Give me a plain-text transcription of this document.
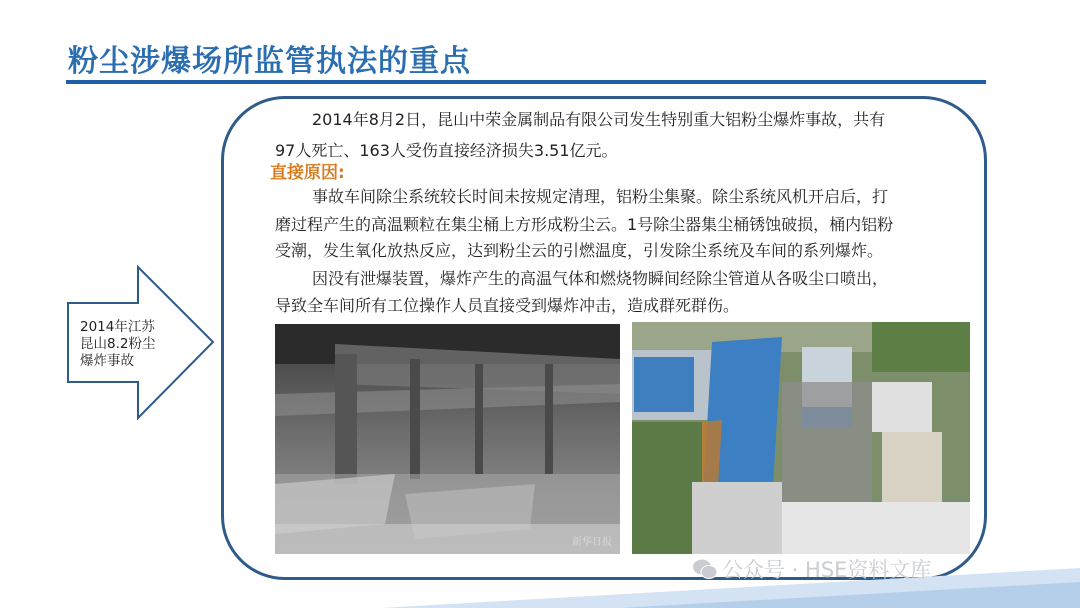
粉尘涉爆场所监管执法的重点
2014年江苏昆山8.2粉尘爆炸事故
2014年8月2日，昆山中荣金属制品有限公司发生特别重大铝粉尘爆炸事故，共有
97人死亡、163人受伤直接经济损失3.51亿元。
直接原因:
事故车间除尘系统较长时间未按规定清理，铝粉尘集聚。除尘系统风机开启后，打
磨过程产生的高温颗粒在集尘桶上方形成粉尘云。1号除尘器集尘桶锈蚀破损，桶内铝粉
受潮，发生氧化放热反应，达到粉尘云的引燃温度，引发除尘系统及车间的系列爆炸。
因没有泄爆装置，爆炸产生的高温气体和燃烧物瞬间经除尘管道从各吸尘口喷出，
导致全车间所有工位操作人员直接受到爆炸冲击，造成群死群伤。
新华日报
公众号 · HSE资料文库
